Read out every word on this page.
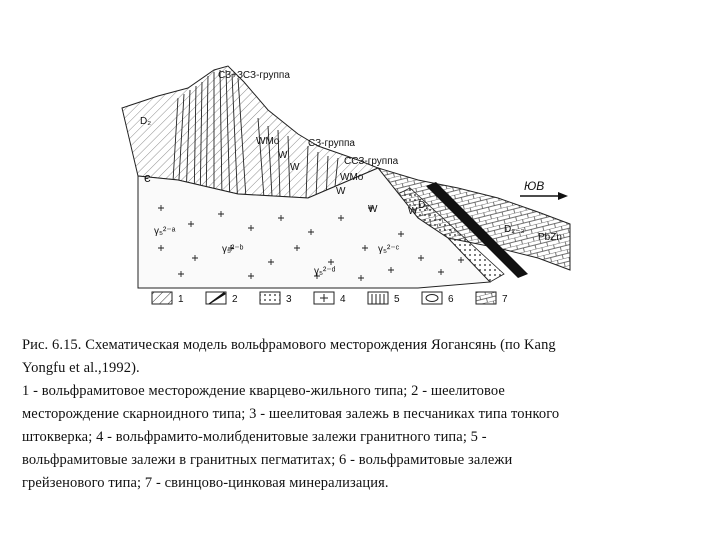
СЗ+ЗСЗ-группа
СЗ-группа
ССЗ-группа
ЮВ
D₂
D₂
D₂₋₃
PbZn
WMo
WMo
W
W
W
W	W
є
γ₅²⁻ᵃ
γ₅²⁻ᵇ	γ₅²⁻ᶜ
γ₅²⁻ᵈ
1	2	3	4	5	6	7

Рис. 6.15. Схематическая модель вольфрамового месторождения Яогансянь (по Kang

Yongfu et al.,1992).

1 - вольфрамитовое месторождение кварцево-жильного типа; 2 - шеелитовое

месторождение скарноидного типа; 3 - шеелитовая залежь в песчаниках типа тонкого

штокверка; 4 - вольфрамито-молибденитовые залежи гранитного типа; 5 -

вольфрамитовые залежи в гранитных пегматитах; 6 - вольфрамитовые залежи

грейзенового типа; 7 - свинцово-цинковая минерализация.
